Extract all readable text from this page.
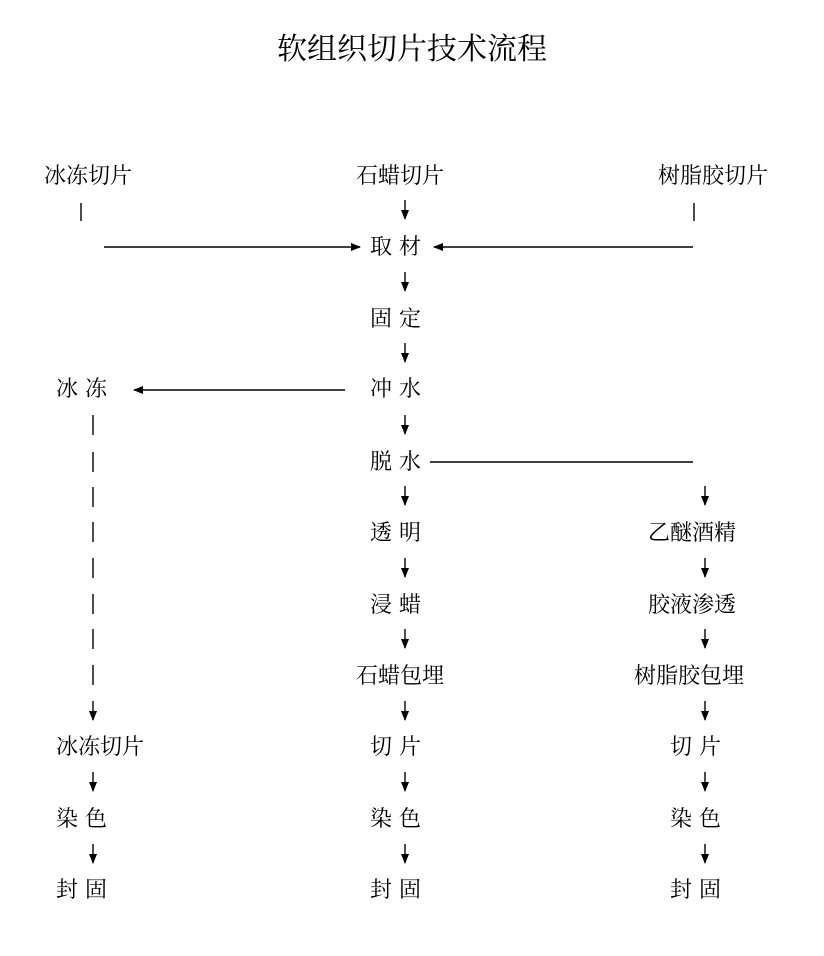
软组织切片技术流程
冰冻切片	石蜡切片	树脂胶切片
取 材
固 定
冲 水
脱 水
透 明
浸 蜡
石蜡包埋
切 片
染 色
封 固
冰 冻
冰冻切片
染 色
封 固
乙醚酒精
胶液渗透
树脂胶包埋
切 片
染 色
封 固
